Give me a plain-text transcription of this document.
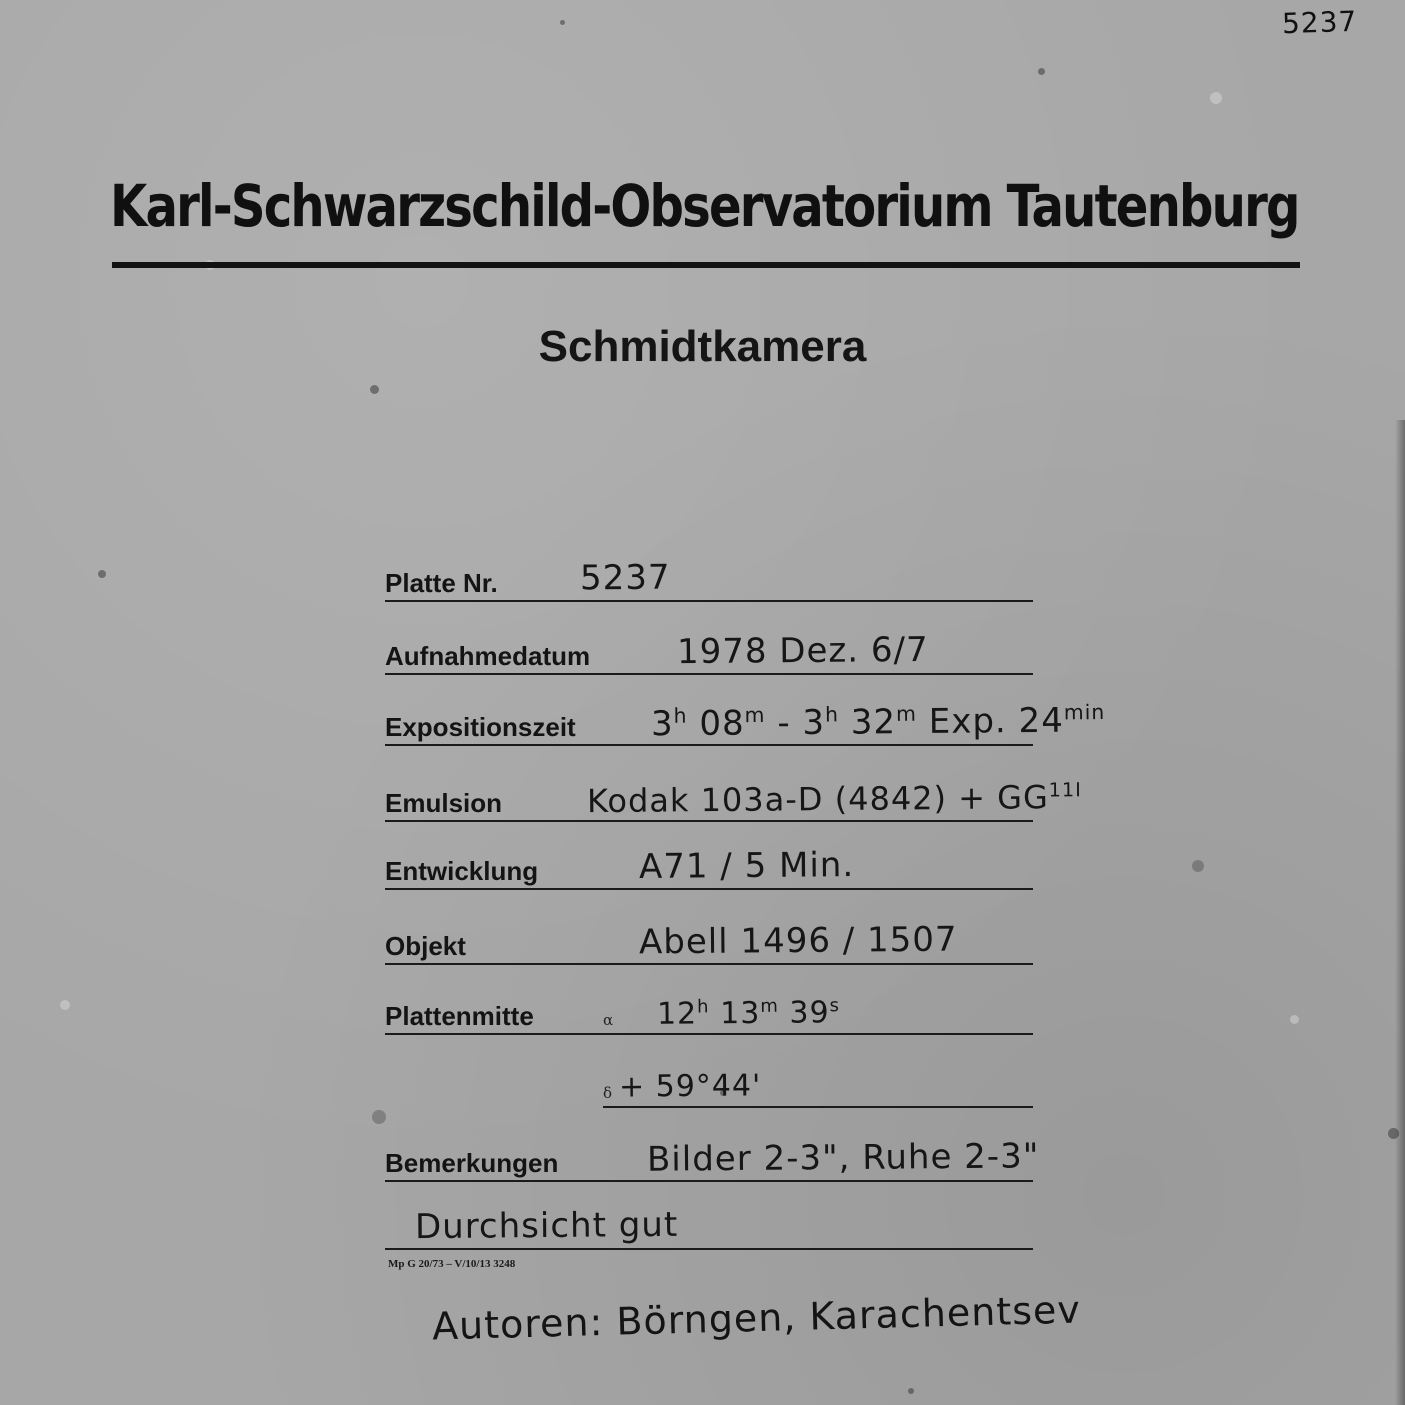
5237
Karl-Schwarzschild-Observatorium Tautenburg
Schmidtkamera
Platte Nr. 5237
Aufnahmedatum	1978 Dez. 6/7
Expositionszeit 3$^h$ 08$^m$ - 3$^h$ 32$^m$ Exp. $24^{min}$
Emulsion	Kodak 103a-D $(4842) + GG^{11I}$
Entwicklung	A71 / 5 Min.
Objekt	Abell 1496 / 1507
Plattenmitte	α 12$^h$ 13$^m$ 39$^s$
δ + 59°44'
Bemerkungen	Bilder 2-3", Ruhe 2-3"
Durchsicht gut
Mp G 20/73 – V/10/13 3248
Autoren: Börngen, Karachentsev
